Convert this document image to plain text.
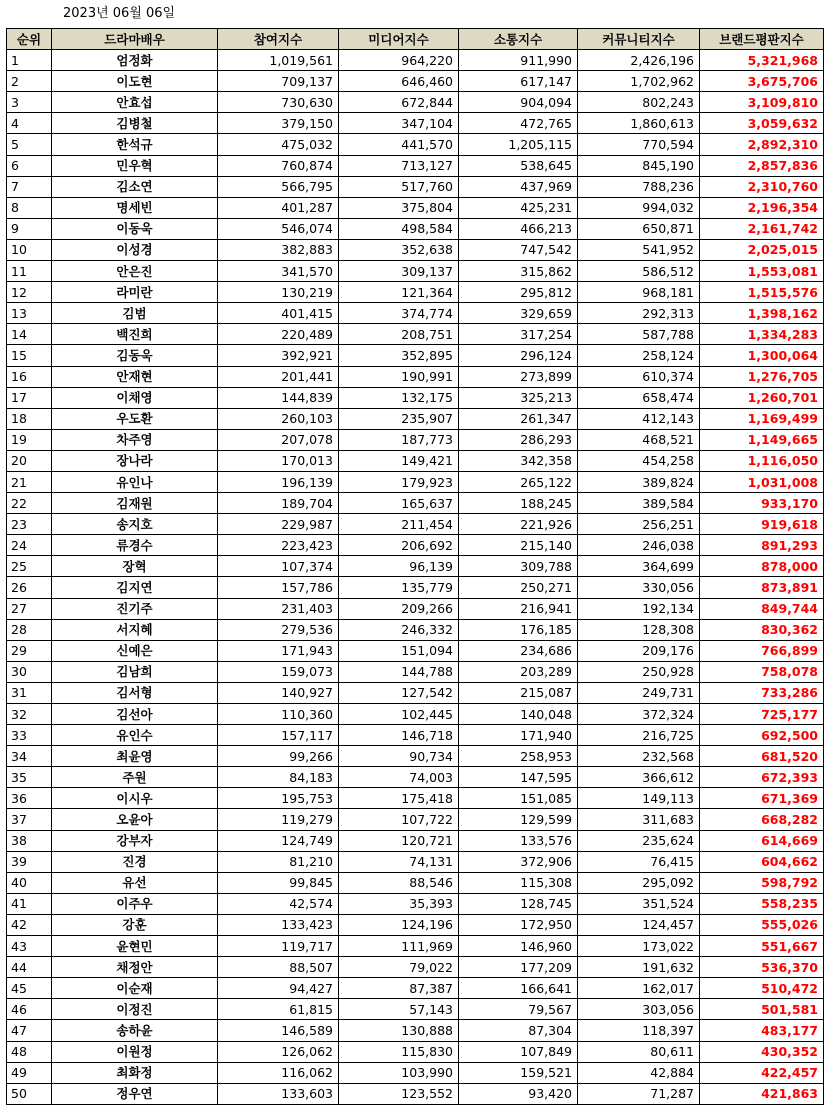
2023년 06월 06일
순위	드라마배우	참여지수	미디어지수	소통지수	커뮤니티지수	브랜드평판지수
1	엄정화	1,019,561	964,220	911,990	2,426,196	5,321,968
2	이도현	709,137	646,460	617,147	1,702,962	3,675,706
3	안효섭	730,630	672,844	904,094	802,243	3,109,810
4	김병철	379,150	347,104	472,765	1,860,613	3,059,632
5	한석규	475,032	441,570	1,205,115	770,594	2,892,310
6	민우혁	760,874	713,127	538,645	845,190	2,857,836
7	김소연	566,795	517,760	437,969	788,236	2,310,760
8	명세빈	401,287	375,804	425,231	994,032	2,196,354
9	이동욱	546,074	498,584	466,213	650,871	2,161,742
10	이성경	382,883	352,638	747,542	541,952	2,025,015
11	안은진	341,570	309,137	315,862	586,512	1,553,081
12	라미란	130,219	121,364	295,812	968,181	1,515,576
13	김범	401,415	374,774	329,659	292,313	1,398,162
14	백진희	220,489	208,751	317,254	587,788	1,334,283
15	김동욱	392,921	352,895	296,124	258,124	1,300,064
16	안재현	201,441	190,991	273,899	610,374	1,276,705
17	이채영	144,839	132,175	325,213	658,474	1,260,701
18	우도환	260,103	235,907	261,347	412,143	1,169,499
19	차주영	207,078	187,773	286,293	468,521	1,149,665
20	장나라	170,013	149,421	342,358	454,258	1,116,050
21	유인나	196,139	179,923	265,122	389,824	1,031,008
22	김재원	189,704	165,637	188,245	389,584	933,170
23	송지호	229,987	211,454	221,926	256,251	919,618
24	류경수	223,423	206,692	215,140	246,038	891,293
25	장혁	107,374	96,139	309,788	364,699	878,000
26	김지연	157,786	135,779	250,271	330,056	873,891
27	진기주	231,403	209,266	216,941	192,134	849,744
28	서지혜	279,536	246,332	176,185	128,308	830,362
29	신예은	171,943	151,094	234,686	209,176	766,899
30	김남희	159,073	144,788	203,289	250,928	758,078
31	김서형	140,927	127,542	215,087	249,731	733,286
32	김선아	110,360	102,445	140,048	372,324	725,177
33	유인수	157,117	146,718	171,940	216,725	692,500
34	최윤영	99,266	90,734	258,953	232,568	681,520
35	주원	84,183	74,003	147,595	366,612	672,393
36	이시우	195,753	175,418	151,085	149,113	671,369
37	오윤아	119,279	107,722	129,599	311,683	668,282
38	강부자	124,749	120,721	133,576	235,624	614,669
39	진경	81,210	74,131	372,906	76,415	604,662
40	유선	99,845	88,546	115,308	295,092	598,792
41	이주우	42,574	35,393	128,745	351,524	558,235
42	강훈	133,423	124,196	172,950	124,457	555,026
43	윤현민	119,717	111,969	146,960	173,022	551,667
44	채정안	88,507	79,022	177,209	191,632	536,370
45	이순재	94,427	87,387	166,641	162,017	510,472
46	이정진	61,815	57,143	79,567	303,056	501,581
47	송하윤	146,589	130,888	87,304	118,397	483,177
48	이원정	126,062	115,830	107,849	80,611	430,352
49	최화정	116,062	103,990	159,521	42,884	422,457
50	정우연	133,603	123,552	93,420	71,287	421,863
